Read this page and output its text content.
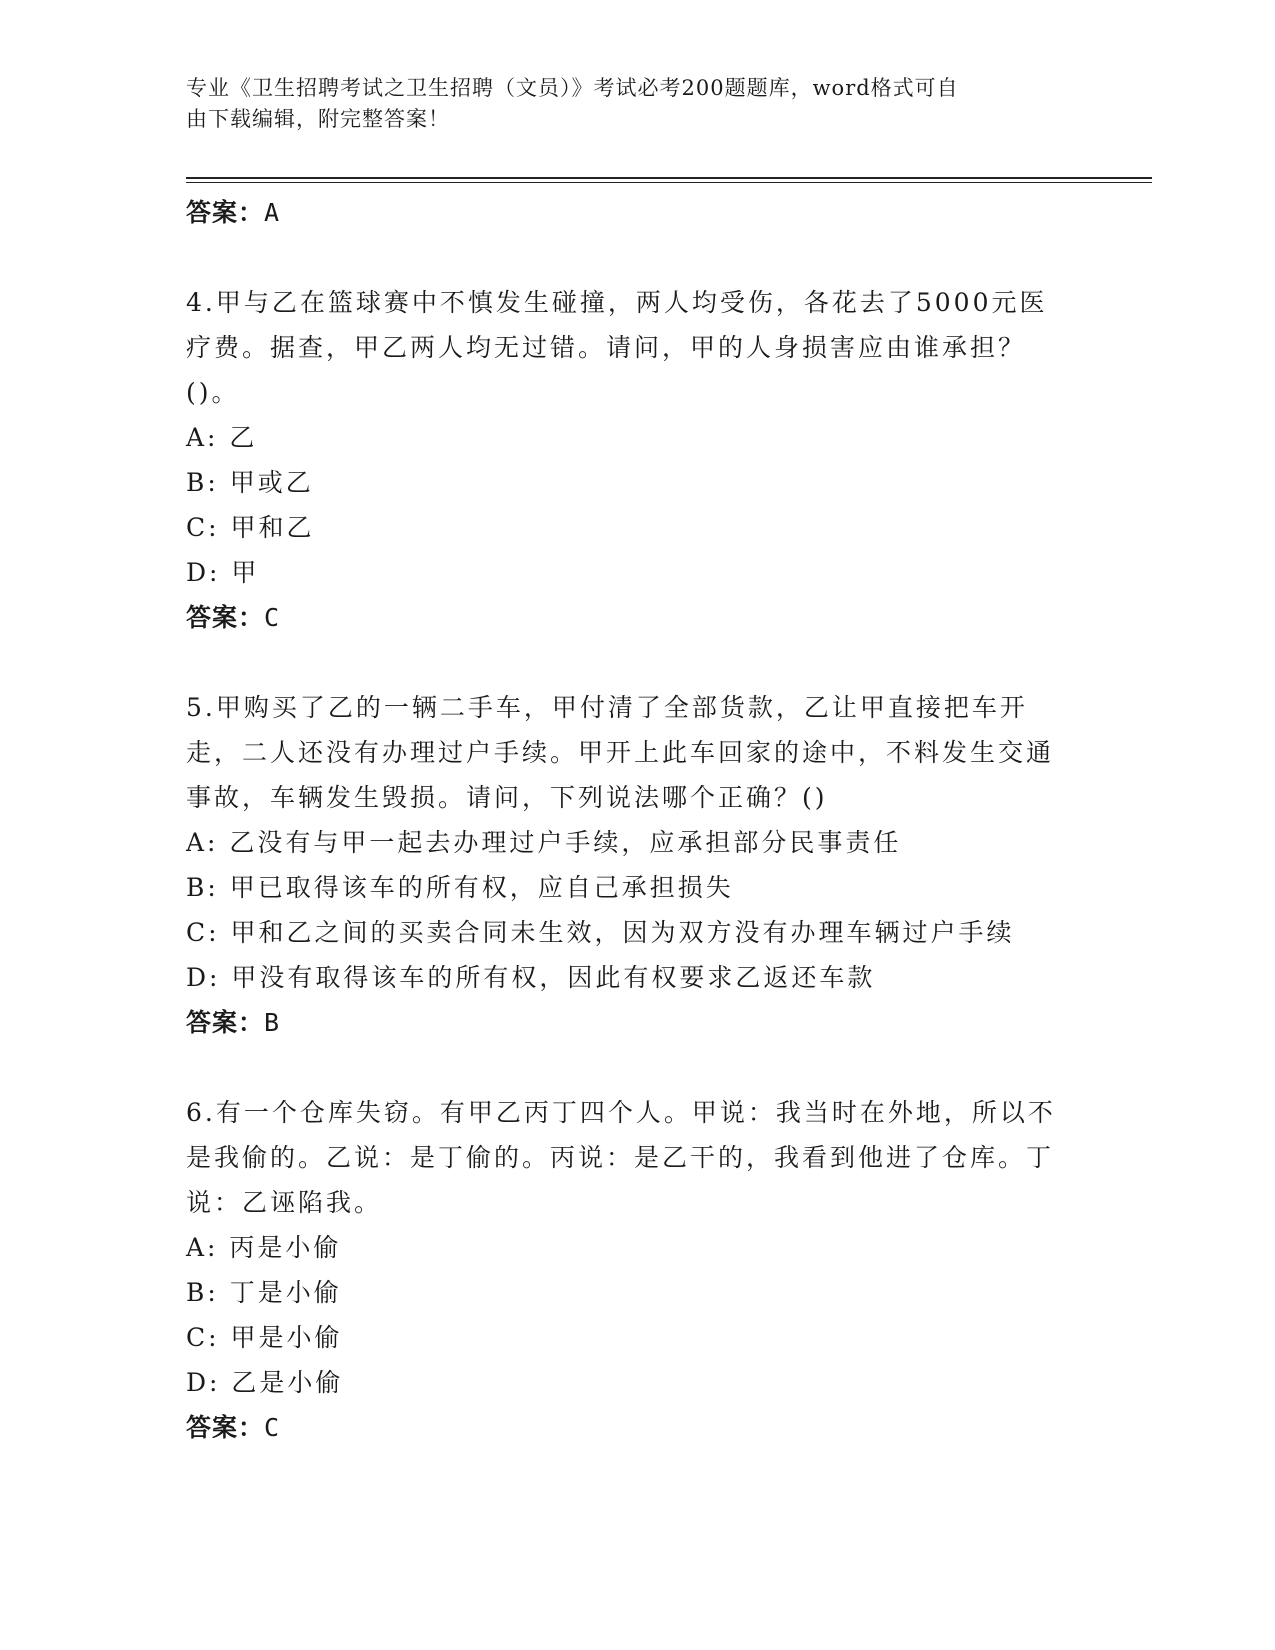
专业《卫生招聘考试之卫生招聘（文员）》考试必考200题题库，word格式可自
由下载编辑，附完整答案！
答案：A
4.甲与乙在篮球赛中不慎发生碰撞，两人均受伤，各花去了5000元医疗费。据查，甲乙两人均无过错。请问，甲的人身损害应由谁承担？()。
A: 乙
B: 甲或乙
C: 甲和乙
D: 甲
答案：C
5.甲购买了乙的一辆二手车，甲付清了全部货款，乙让甲直接把车开走，二人还没有办理过户手续。甲开上此车回家的途中，不料发生交通事故，车辆发生毁损。请问，下列说法哪个正确？()
A: 乙没有与甲一起去办理过户手续，应承担部分民事责任
B: 甲已取得该车的所有权，应自己承担损失
C: 甲和乙之间的买卖合同未生效，因为双方没有办理车辆过户手续
D: 甲没有取得该车的所有权，因此有权要求乙返还车款
答案：B
6.有一个仓库失窃。有甲乙丙丁四个人。甲说：我当时在外地，所以不是我偷的。乙说：是丁偷的。丙说：是乙干的，我看到他进了仓库。丁说：乙诬陷我。
A: 丙是小偷
B: 丁是小偷
C: 甲是小偷
D: 乙是小偷
答案：C
